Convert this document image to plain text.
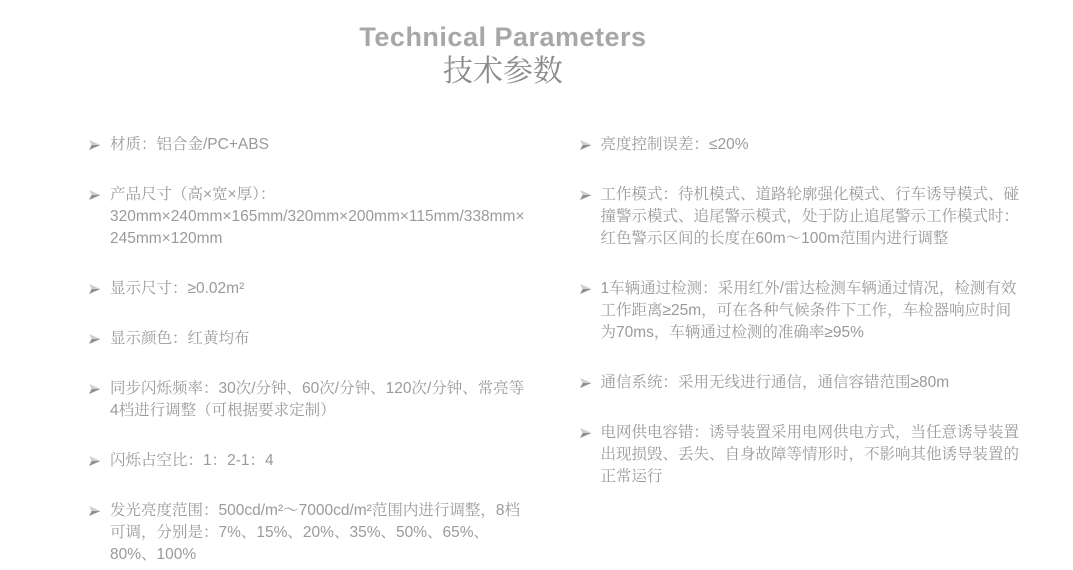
Technical Parameters
技术参数
材质：铝合金/PC+ABS
产品尺寸（高×宽×厚）：320mm×240mm×165mm/320mm×200mm×115mm/338mm×245mm×120mm
显示尺寸：≥0.02m²
显示颜色：红黄均布
同步闪烁频率：30次/分钟、60次/分钟、120次/分钟、常亮等4档进行调整（可根据要求定制）
闪烁占空比：1：2-1：4
发光亮度范围：500cd/m²～7000cd/m²范围内进行调整，8档可调，分别是：7%、15%、20%、35%、50%、65%、80%、100%
亮度控制误差：≤20%
工作模式：待机模式、道路轮廓强化模式、行车诱导模式、碰撞警示模式、追尾警示模式，处于防止追尾警示工作模式时：红色警示区间的长度在60m～100m范围内进行调整
1车辆通过检测：采用红外/雷达检测车辆通过情况，检测有效工作距离≥25m，可在各种气候条件下工作，车检器响应时间为70ms，车辆通过检测的准确率≥95%
通信系统：采用无线进行通信，通信容错范围≥80m
电网供电容错：诱导装置采用电网供电方式，当任意诱导装置出现损毁、丢失、自身故障等情形时，不影响其他诱导装置的正常运行
